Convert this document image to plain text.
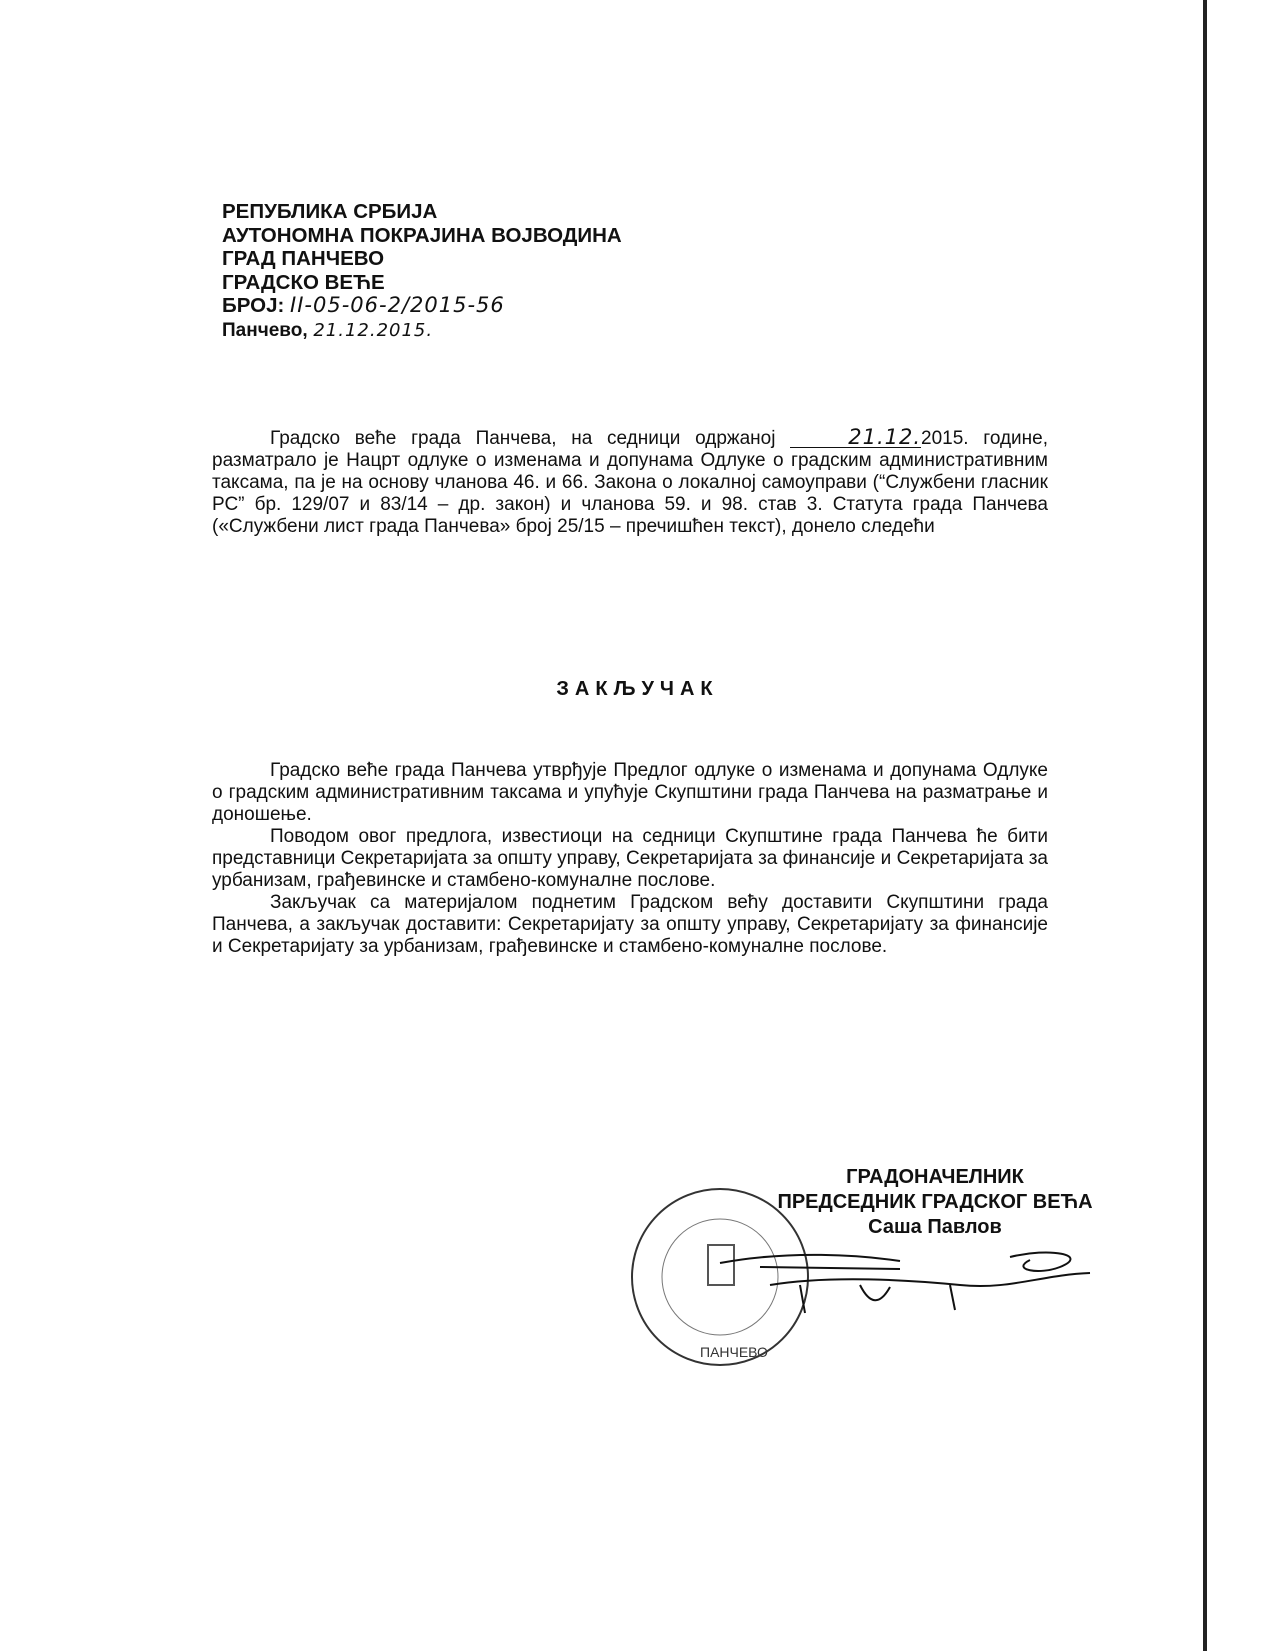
РЕПУБЛИКА СРБИЈА
АУТОНОМНА ПОКРАЈИНА ВОЈВОДИНА
ГРАД ПАНЧЕВО
ГРАДСКО ВЕЋЕ
БРОЈ: II-05-06-2/2015-56
Панчево, 21.12.2015.

Градско веће града Панчева, на седници одржаној	21.12.2015. године, разматрало је Нацрт одлуке о изменама и допунама Одлуке о градским административним таксама, па је на основу чланова 46. и 66. Закона о локалној самоуправи (“Службени гласник РС” бр. 129/07 и 83/14 – др. закон) и чланова 59. и 98. став 3. Статута града Панчева («Службени лист града Панчева» број 25/15 – пречишћен текст), донело следећи

ЗАКЉУЧАК

Градско веће града Панчева утврђује Предлог одлуке о изменама и допунама Одлуке о градским административним таксама и упућује Скупштини града Панчева на разматрање и доношење.

Поводом овог предлога, известиоци на седници Скупштине града Панчева ће бити представници Секретаријата за општу управу, Секретаријата за финансије и Секретаријата за урбанизам, грађевинске и стамбено-комуналне послове.

Закључак са материјалом поднетим Градском већу доставити Скупштини града Панчева, а закључак доставити: Секретаријату за општу управу, Секретаријату за финансије и Секретаријату за урбанизам, грађевинске и стамбено-комуналне послове.

ПАНЧЕВО
ГРАДОНАЧЕЛНИК
ПРЕДСЕДНИК ГРАДСКОГ ВЕЋА
Саша Павлов
